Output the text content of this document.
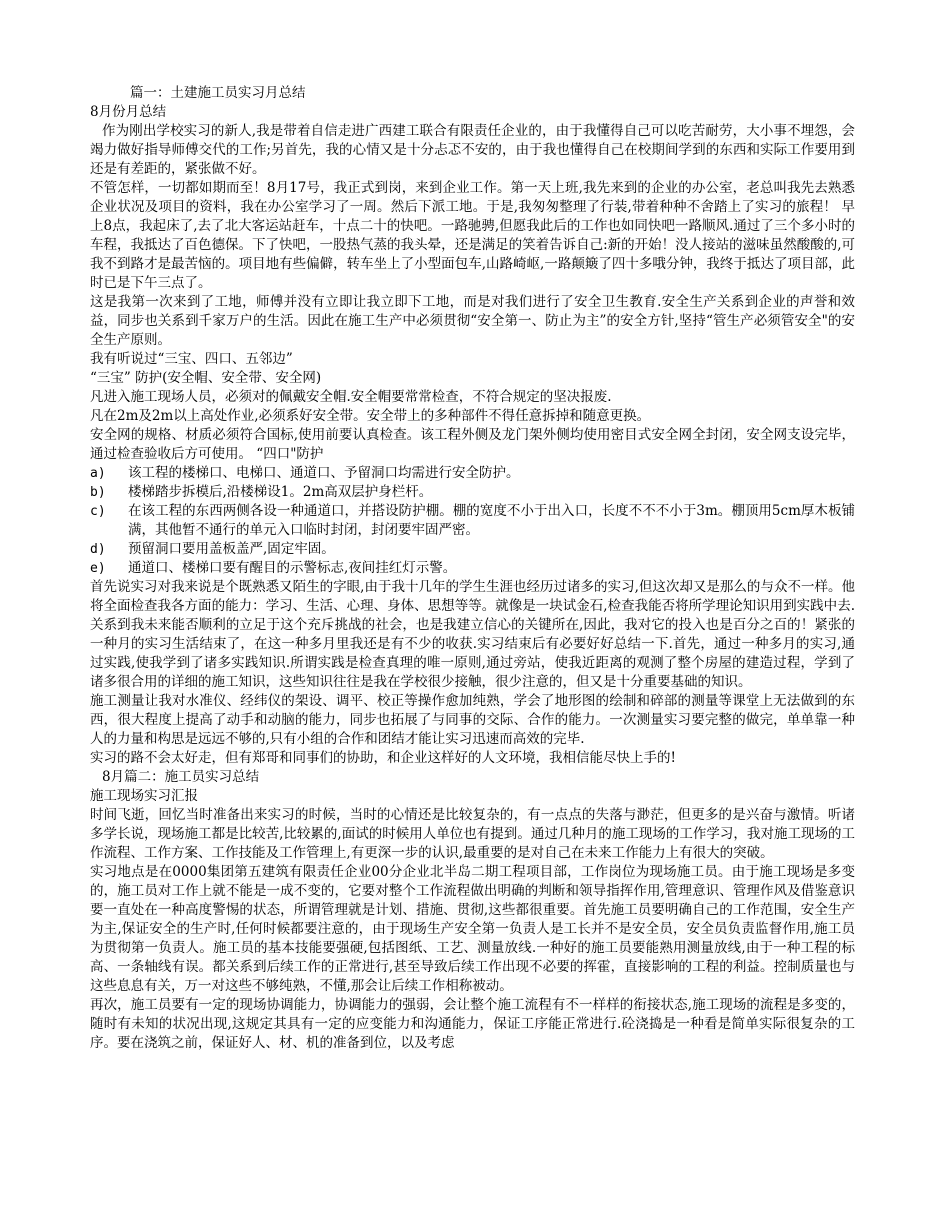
篇一：土建施工员实习月总结

8月份月总结

作为刚出学校实习的新人,我是带着自信走进广西建工联合有限责任企业的，由于我懂得自己可以吃苦耐劳，大小事不埋怨，会竭力做好指导师傅交代的工作;另首先，我的心情又是十分忐忑不安的，由于我也懂得自己在校期间学到的东西和实际工作要用到还是有差距的，紧张做不好。

不管怎样，一切都如期而至！8月17号，我正式到岗，来到企业工作。第一天上班,我先来到的企业的办公室，老总叫我先去熟悉企业状况及项目的资料，我在办公室学习了一周。然后下派工地。于是,我匆匆整理了行装,带着种种不舍踏上了实习的旅程！ 早上8点，我起床了,去了北大客运站赶车，十点二十的快吧。一路驰骋,但愿我此后的工作也如同快吧一路顺风.通过了三个多小时的车程，我抵达了百色德保。下了快吧，一股热气蒸的我头晕，还是满足的笑着告诉自己:新的开始！没人接站的滋味虽然酸酸的,可我不到路才是最苦恼的。项目地有些偏僻，转车坐上了小型面包车,山路崎岖,一路颠簸了四十多哦分钟，我终于抵达了项目部，此时已是下午三点了。

这是我第一次来到了工地，师傅并没有立即让我立即下工地，而是对我们进行了安全卫生教育.安全生产关系到企业的声誉和效益，同步也关系到千家万户的生活。因此在施工生产中必须贯彻“安全第一、防止为主”的安全方针,坚持“管生产必须管安全"的安全生产原则。

我有听说过“三宝、四口、五邻边”

“三宝” 防护(安全帽、安全带、安全网)

凡进入施工现场人员，必须对的佩戴安全帽.安全帽要常常检查，不符合规定的坚决报废.

凡在2m及2m以上高处作业,必须系好安全带。安全带上的多种部件不得任意拆掉和随意更换。

安全网的规格、材质必须符合国标,使用前要认真检查。该工程外侧及龙门架外侧均使用密目式安全网全封闭，安全网支设完毕，通过检查验收后方可使用。 “四口"防护

a)	该工程的楼梯口、电梯口、通道口、予留洞口均需进行安全防护。
b)	楼梯踏步拆模后,沿楼梯设1。2m高双层护身栏杆。
c)	在该工程的东西两侧各设一种通道口，并搭设防护棚。棚的宽度不小于出入口，长度不不不小于3m。棚顶用5cm厚木板铺满，其他暂不通行的单元入口临时封闭，封闭要牢固严密。
d)	预留洞口要用盖板盖严,固定牢固。
e)	通道口、楼梯口要有醒目的示警标志,夜间挂红灯示警。

首先说实习对我来说是个既熟悉又陌生的字眼,由于我十几年的学生生涯也经历过诸多的实习,但这次却又是那么的与众不一样。他将全面检查我各方面的能力：学习、生活、心理、身体、思想等等。就像是一块试金石,检查我能否将所学理论知识用到实践中去.关系到我未来能否顺利的立足于这个充斥挑战的社会，也是我建立信心的关键所在,因此，我对它的投入也是百分之百的！紧张的一种月的实习生活结束了，在这一种多月里我还是有不少的收获.实习结束后有必要好好总结一下.首先，通过一种多月的实习,通过实践,使我学到了诸多实践知识.所谓实践是检查真理的唯一原则,通过旁站，使我近距离的观测了整个房屋的建造过程，学到了诸多很合用的详细的施工知识，这些知识往往是我在学校很少接触，很少注意的，但又是十分重要基础的知识。

施工测量让我对水准仪、经纬仪的架设、调平、校正等操作愈加纯熟，学会了地形图的绘制和碎部的测量等课堂上无法做到的东西，很大程度上提高了动手和动脑的能力，同步也拓展了与同事的交际、合作的能力。一次测量实习要完整的做完，单单靠一种人的力量和构思是远远不够的,只有小组的合作和团结才能让实习迅速而高效的完毕.

实习的路不会太好走，但有郑哥和同事们的协助，和企业这样好的人文环境，我相信能尽快上手的!

8月篇二：施工员实习总结

施工现场实习汇报

时间飞逝，回忆当时准备出来实习的时候，当时的心情还是比较复杂的，有一点点的失落与渺茫，但更多的是兴奋与激情。听诸多学长说，现场施工都是比较苦,比较累的,面试的时候用人单位也有提到。通过几种月的施工现场的工作学习，我对施工现场的工作流程、工作方案、工作技能及工作管理上,有更深一步的认识,最重要的是对自己在未来工作能力上有很大的突破。

实习地点是在0000集团第五建筑有限责任企业00分企业北半岛二期工程项目部，工作岗位为现场施工员。由于施工现场是多变的，施工员对工作上就不能是一成不变的，它要对整个工作流程做出明确的判断和领导指挥作用,管理意识、管理作风及借鉴意识要一直处在一种高度警惕的状态，所谓管理就是计划、措施、贯彻,这些都很重要。首先施工员要明确自己的工作范围，安全生产为主,保证安全的生产时,任何时候都要注意的，由于现场生产安全第一负责人是工长并不是安全员，安全员负责监督作用,施工员为贯彻第一负责人。施工员的基本技能要强硬,包括图纸、工艺、测量放线.一种好的施工员要能熟用测量放线,由于一种工程的标高、一条轴线有误。都关系到后续工作的正常进行,甚至导致后续工作出现不必要的挥霍，直接影响的工程的利益。控制质量也与这些息息有关，万一对这些不够纯熟，不懂,那会让后续工作相称被动。

再次，施工员要有一定的现场协调能力，协调能力的强弱，会让整个施工流程有不一样样的衔接状态,施工现场的流程是多变的，随时有未知的状况出现,这规定其具有一定的应变能力和沟通能力，保证工序能正常进行.砼浇捣是一种看是简单实际很复杂的工序。要在浇筑之前，保证好人、材、机的准备到位，以及考虑
